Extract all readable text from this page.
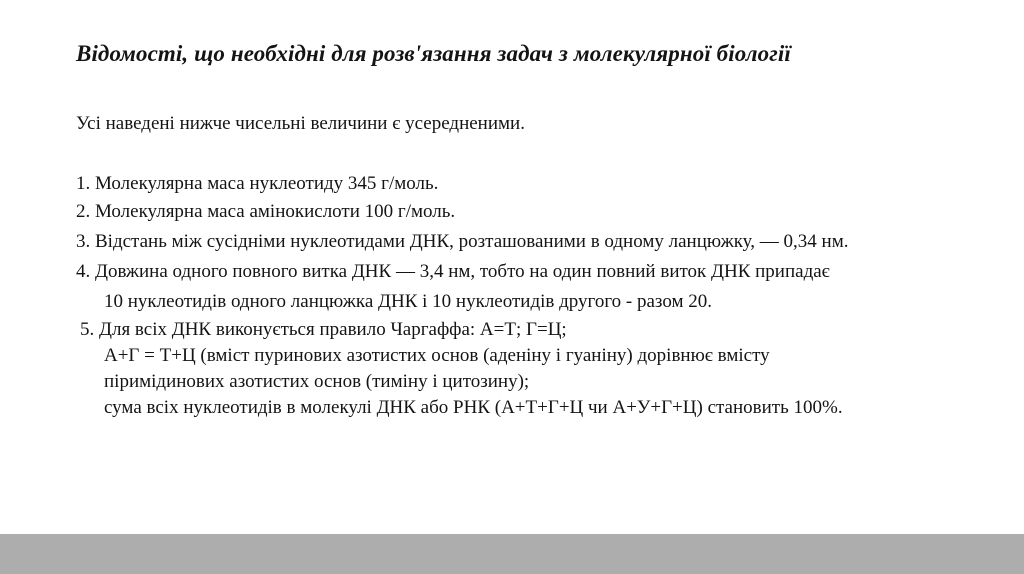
Відомості, що необхідні для розв'язання задач з молекулярної біології

Усі наведені нижче чисельні величини є усередненими.

1. Молекулярна маса нуклеотиду 345 г/моль.

2. Молекулярна маса амінокислоти 100 г/моль.

3. Відстань між сусідніми нуклеотидами ДНК, розташованими в одному ланцюжку, — 0,34 нм.

4. Довжина одного повного витка ДНК — 3,4 нм, тобто на один повний виток ДНК припадає

10 нуклеотидів одного ланцюжка ДНК і 10 нуклеотидів другого - разом 20.

5. Для всіх ДНК виконується правило Чаргаффа: А=Т; Г=Ц;

А+Г = Т+Ц (вміст пуринових азотистих основ (аденіну і гуаніну) дорівнює вмісту

піримідинових азотистих основ (тиміну і цитозину);

сума всіх нуклеотидів в молекулі ДНК або РНК (А+Т+Г+Ц чи А+У+Г+Ц) становить 100%.
